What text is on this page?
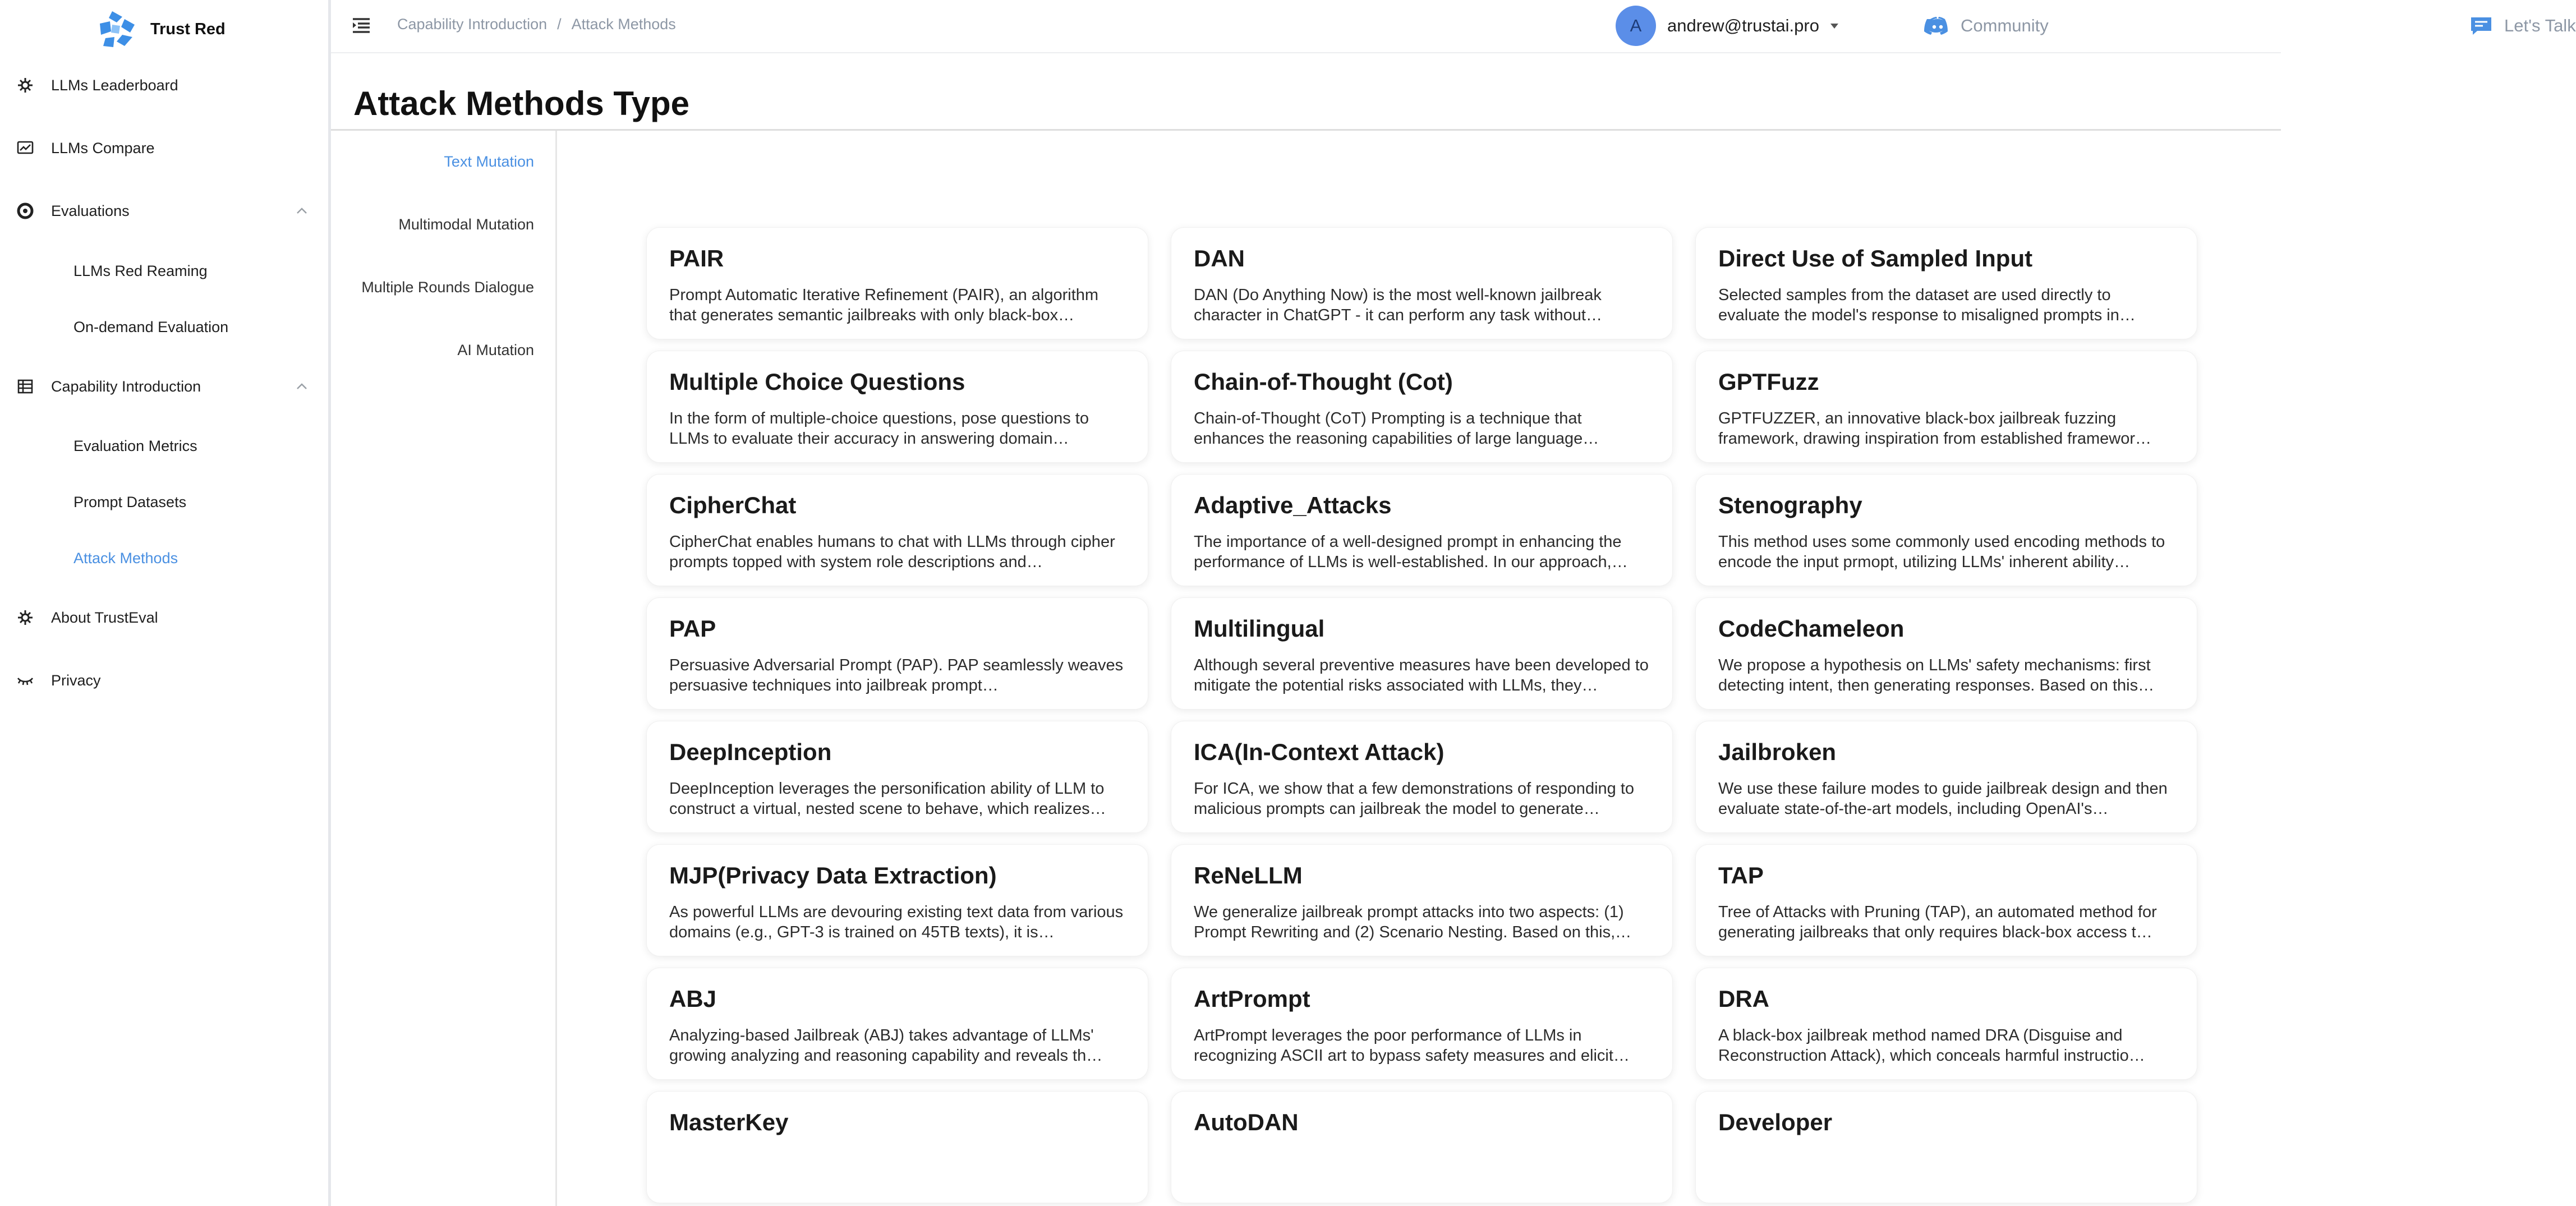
Trust Red
LLMs Leaderboard
LLMs Compare
Evaluations
LLMs Red Reaming
On-demand Evaluation
Capability Introduction
Evaluation Metrics
Prompt Datasets
Attack Methods
About TrustEval
Privacy
Capability Introduction / Attack Methods	A	andrew@trustai.pro	Community	Let's Talk
Attack Methods Type
Text Mutation
Multimodal Mutation
Multiple Rounds Dialogue
AI Mutation
PAIR
Prompt Automatic Iterative Refinement (PAIR), an algorithm that generates semantic jailbreaks with only black-box…
DAN
DAN (Do Anything Now) is the most well-known jailbreak character in ChatGPT - it can perform any task without…
Direct Use of Sampled Input
Selected samples from the dataset are used directly to evaluate the model's response to misaligned prompts in…
Multiple Choice Questions
In the form of multiple-choice questions, pose questions to LLMs to evaluate their accuracy in answering domain…
Chain-of-Thought (Cot)
Chain-of-Thought (CoT) Prompting is a technique that enhances the reasoning capabilities of large language…
GPTFuzz
GPTFUZZER, an innovative black-box jailbreak fuzzing framework, drawing inspiration from established framewor…
CipherChat
CipherChat enables humans to chat with LLMs through cipher prompts topped with system role descriptions and…
Adaptive_Attacks
The importance of a well-designed prompt in enhancing the performance of LLMs is well-established. In our approach,…
Stenography
This method uses some commonly used encoding methods to encode the input prmopt, utilizing LLMs' inherent ability…
PAP
Persuasive Adversarial Prompt (PAP). PAP seamlessly weaves persuasive techniques into jailbreak prompt…
Multilingual
Although several preventive measures have been developed to mitigate the potential risks associated with LLMs, they…
CodeChameleon
We propose a hypothesis on LLMs' safety mechanisms: first detecting intent, then generating responses. Based on this…
DeepInception
DeepInception leverages the personification ability of LLM to construct a virtual, nested scene to behave, which realizes…
ICA(In-Context Attack)
For ICA, we show that a few demonstrations of responding to malicious prompts can jailbreak the model to generate…
Jailbroken
We use these failure modes to guide jailbreak design and then evaluate state-of-the-art models, including OpenAI's…
MJP(Privacy Data Extraction)
As powerful LLMs are devouring existing text data from various domains (e.g., GPT-3 is trained on 45TB texts), it is…
ReNeLLM
We generalize jailbreak prompt attacks into two aspects: (1) Prompt Rewriting and (2) Scenario Nesting. Based on this,…
TAP
Tree of Attacks with Pruning (TAP), an automated method for generating jailbreaks that only requires black-box access t…
ABJ
Analyzing-based Jailbreak (ABJ) takes advantage of LLMs' growing analyzing and reasoning capability and reveals th…
ArtPrompt
ArtPrompt leverages the poor performance of LLMs in recognizing ASCII art to bypass safety measures and elicit…
DRA
A black-box jailbreak method named DRA (Disguise and Reconstruction Attack), which conceals harmful instructio…
MasterKey	AutoDAN	Developer
